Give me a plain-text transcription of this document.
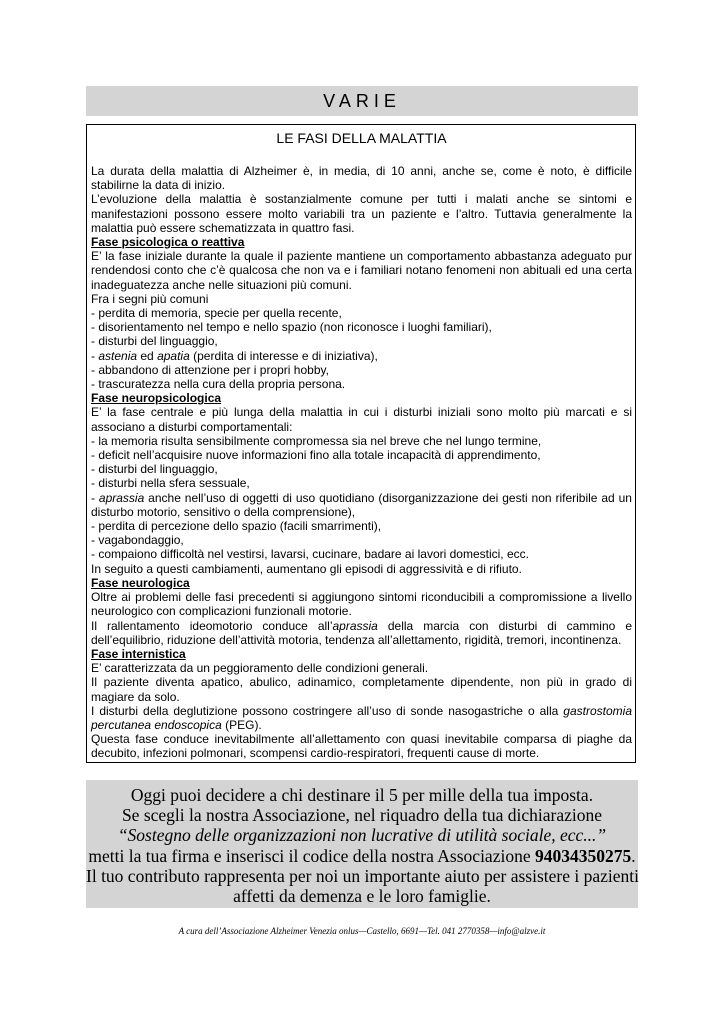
VARIE
LE FASI DELLA MALATTIA

La durata della malattia di Alzheimer è, in media, di 10 anni, anche se, come è noto, è difficile stabilirne la data di inizio.

L’evoluzione della malattia è sostanzialmente comune per tutti i malati anche se sintomi e manifestazioni possono essere molto variabili tra un paziente e l’altro. Tuttavia generalmente la malattia può essere schematizzata in quattro fasi.

Fase psicologica o reattiva

E’ la fase iniziale durante la quale il paziente mantiene un comportamento abbastanza adeguato pur rendendosi conto che c’è qualcosa che non va e i familiari notano fenomeni non abituali ed una certa inadeguatezza anche nelle situazioni più comuni.

Fra i segni più comuni

- perdita di memoria, specie per quella recente,

- disorientamento nel tempo e nello spazio (non riconosce i luoghi familiari),

- disturbi del linguaggio,

- astenia ed apatia (perdita di interesse e di iniziativa),

- abbandono di attenzione per i propri hobby,

- trascuratezza nella cura della propria persona.

Fase neuropsicologica

E’ la fase centrale e più lunga della malattia in cui i disturbi iniziali sono molto più marcati e si associano a disturbi comportamentali:

- la memoria risulta sensibilmente compromessa sia nel breve che nel lungo termine,

- deficit nell’acquisire nuove informazioni fino alla totale incapacità di apprendimento,

- disturbi del linguaggio,

- disturbi nella sfera sessuale,

- aprassia anche nell’uso di oggetti di uso quotidiano (disorganizzazione dei gesti non riferibile ad un disturbo motorio, sensitivo o della comprensione),

- perdita di percezione dello spazio (facili smarrimenti),

- vagabondaggio,

- compaiono difficoltà nel vestirsi, lavarsi, cucinare, badare ai lavori domestici, ecc.

In seguito a questi cambiamenti, aumentano gli episodi di aggressività e di rifiuto.

Fase neurologica

Oltre ai problemi delle fasi precedenti si aggiungono sintomi riconducibili a compromissione a livello neurologico con complicazioni funzionali motorie.

Il rallentamento ideomotorio conduce all’aprassia della marcia con disturbi di cammino e dell’equilibrio, riduzione dell’attività motoria, tendenza all’allettamento, rigidità, tremori, incontinenza.

Fase internistica

E’ caratterizzata da un peggioramento delle condizioni generali.

Il paziente diventa apatico, abulico, adinamico, completamente dipendente, non più in grado di magiare da solo.

I disturbi della deglutizione possono costringere all’uso di sonde nasogastriche o alla gastrostomia percutanea endoscopica (PEG).

Questa fase conduce inevitabilmente all’allettamento con quasi inevitabile comparsa di piaghe da decubito, infezioni polmonari, scompensi cardio-respiratori, frequenti cause di morte.

Oggi puoi decidere a chi destinare il 5 per mille della tua imposta.
Se scegli la nostra Associazione, nel riquadro della tua dichiarazione
“Sostegno delle organizzazioni non lucrative di utilità sociale, ecc...”
metti la tua firma e inserisci il codice della nostra Associazione 94034350275.
Il tuo contributo rappresenta per noi un importante aiuto per assistere i pazienti
affetti da demenza e le loro famiglie.
A cura dell’Associazione Alzheimer Venezia onlus—Castello, 6691—Tel. 041 2770358—info@alzve.it
